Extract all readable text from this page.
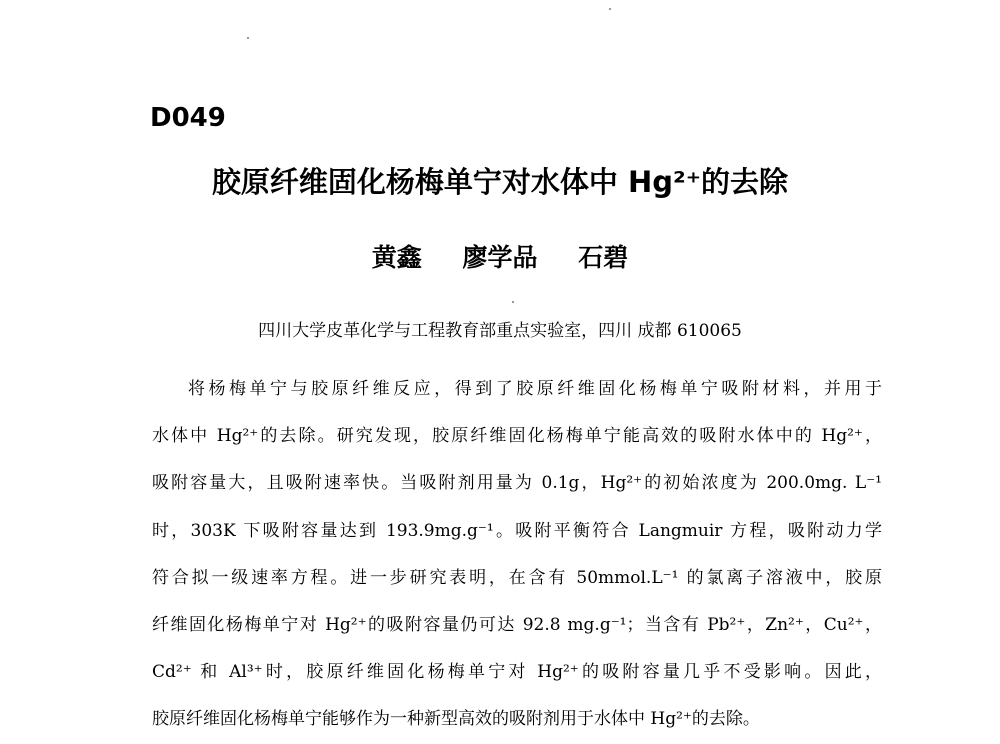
D049
胶原纤维固化杨梅单宁对水体中 Hg²⁺的去除
黄鑫 廖学品 石碧
四川大学皮革化学与工程教育部重点实验室，四川 成都 610065
将杨梅单宁与胶原纤维反应，得到了胶原纤维固化杨梅单宁吸附材料，并用于
水体中 Hg²⁺的去除。研究发现，胶原纤维固化杨梅单宁能高效的吸附水体中的 Hg²⁺，
吸附容量大，且吸附速率快。当吸附剂用量为 0.1g，Hg²⁺的初始浓度为 200.0mg. L⁻¹
时，303K 下吸附容量达到 193.9mg.g⁻¹。吸附平衡符合 Langmuir 方程，吸附动力学
符合拟一级速率方程。进一步研究表明，在含有 50mmol.L⁻¹ 的氯离子溶液中，胶原
纤维固化杨梅单宁对 Hg²⁺的吸附容量仍可达 92.8 mg.g⁻¹；当含有 Pb²⁺，Zn²⁺，Cu²⁺，
Cd²⁺ 和 Al³⁺时，胶原纤维固化杨梅单宁对 Hg²⁺的吸附容量几乎不受影响。因此，
胶原纤维固化杨梅单宁能够作为一种新型高效的吸附剂用于水体中 Hg²⁺的去除。
